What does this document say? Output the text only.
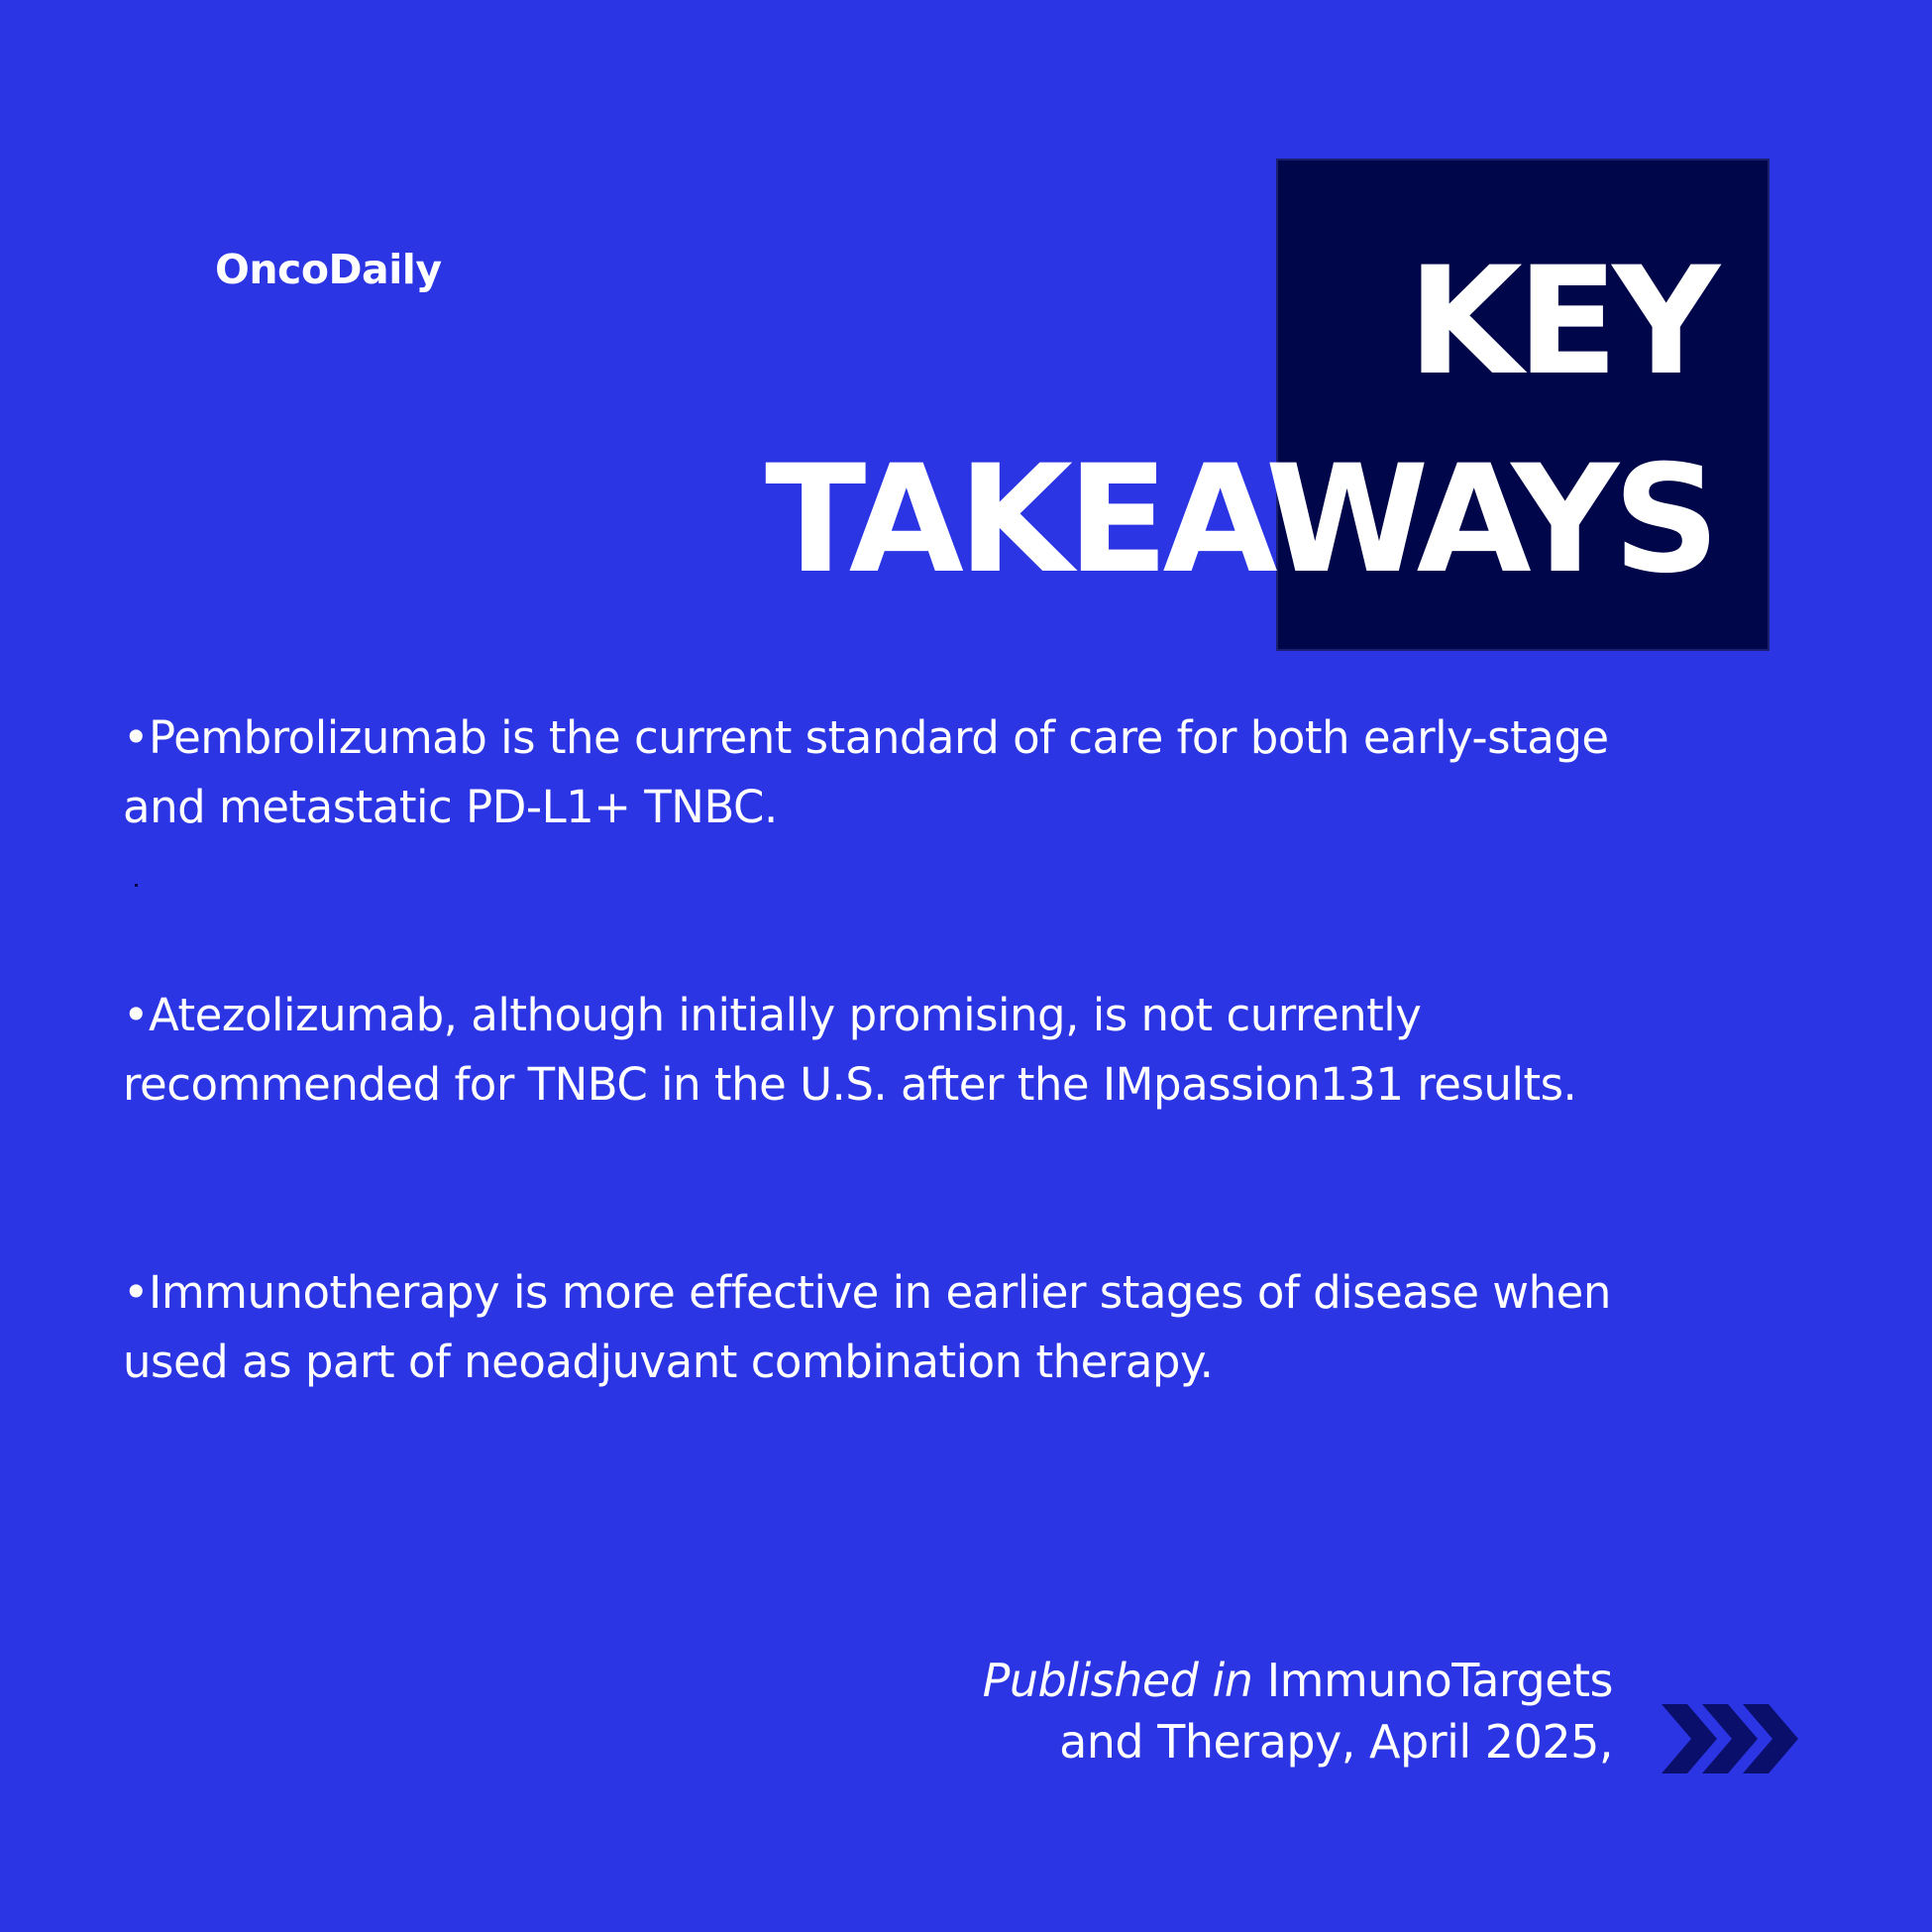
OncoDaily	KEY
TAKEAWAYS
•Pembrolizumab is the current standard of care for both early-stage
and metastatic PD-L1+ TNBC.
•Atezolizumab, although initially promising, is not currently
recommended for TNBC in the U.S. after the IMpassion131 results.
•Immunotherapy is more effective in earlier stages of disease when
used as part of neoadjuvant combination therapy.
Published in ImmunoTargets
and Therapy, April 2025,
